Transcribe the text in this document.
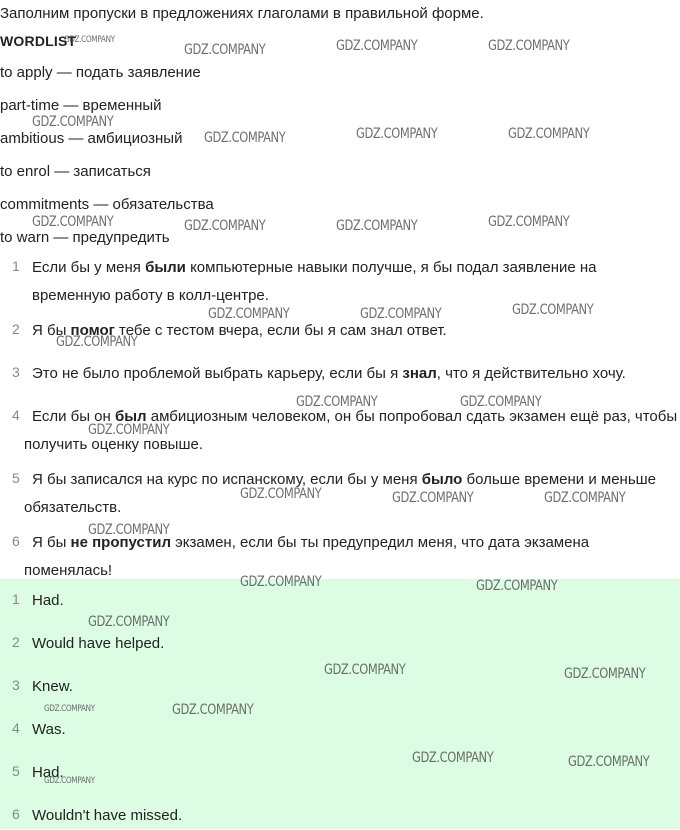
Заполним пропуски в предложениях глаголами в правильной форме.
WORDLIST
to apply — подать заявление
part-time — временный
ambitious — амбициозный
to enrol — записаться
commitments — обязательства
to warn — предупредить
1 Если бы у меня были компьютерные навыки получше, я бы подал заявление на временную работу в колл-центре.
2 Я бы помог тебе с тестом вчера, если бы я сам знал ответ.
3 Это не было проблемой выбрать карьеру, если бы я знал, что я действительно хочу.
4 Если бы он был амбициозным человеком, он бы попробовал сдать экзамен ещё раз, чтобы получить оценку повыше.
5 Я бы записался на курс по испанскому, если бы у меня было больше времени и меньше обязательств.
6 Я бы не пропустил экзамен, если бы ты предупредил меня, что дата экзамена поменялась!
1 Had.
2 Would have helped.
3 Knew.
4 Was.
5 Had.
6 Wouldn't have missed.
GDZ.COMPANY
GDZ.COMPANY	GDZ.COMPANY	GDZ.COMPANY
GDZ.COMPANY
GDZ.COMPANY	GDZ.COMPANY	GDZ.COMPANY
GDZ.COMPANY	GDZ.COMPANY	GDZ.COMPANY	GDZ.COMPANY
GDZ.COMPANY	GDZ.COMPANY	GDZ.COMPANY
GDZ.COMPANY
GDZ.COMPANY	GDZ.COMPANY
GDZ.COMPANY
GDZ.COMPANY	GDZ.COMPANY	GDZ.COMPANY
GDZ.COMPANY
GDZ.COMPANY	GDZ.COMPANY
GDZ.COMPANY
GDZ.COMPANY	GDZ.COMPANY
GDZ.COMPANY	GDZ.COMPANY
GDZ.COMPANY	GDZ.COMPANY
GDZ.COMPANY
